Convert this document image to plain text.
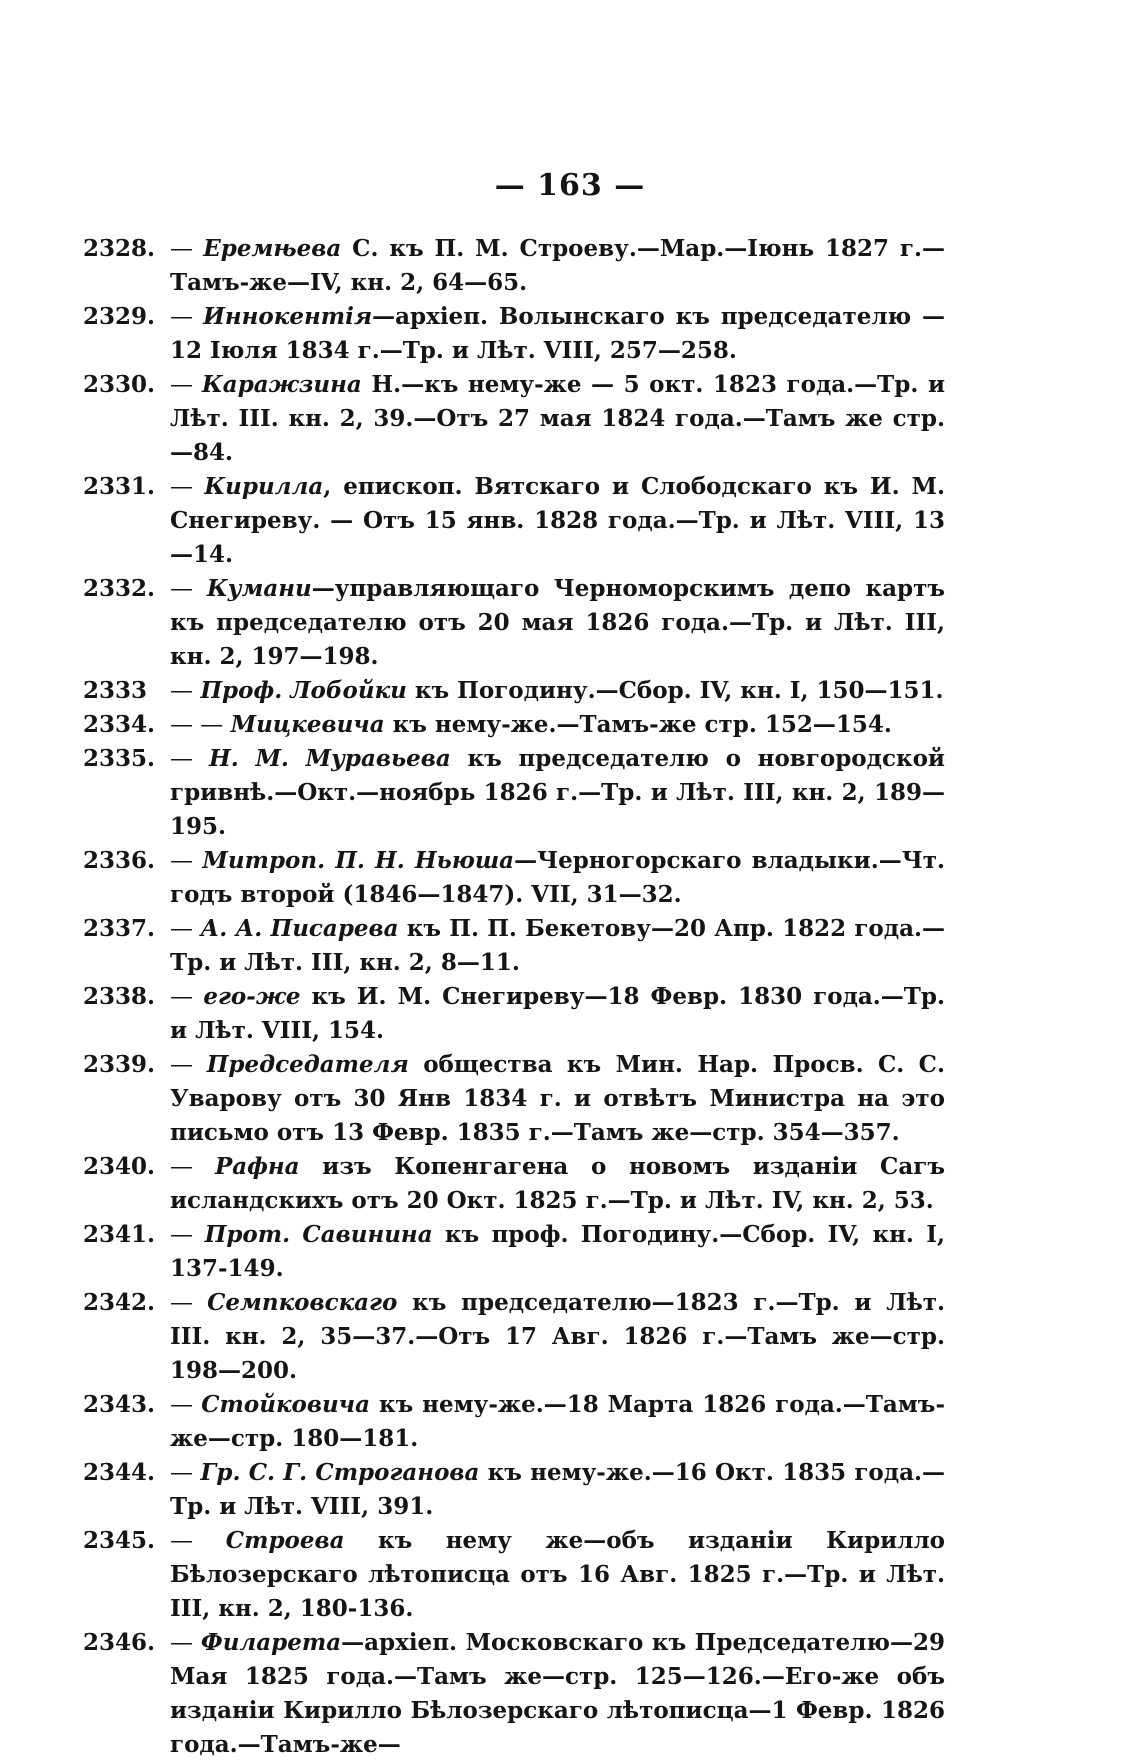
— 163 —
2328. — Еремњева С. къ П. М. Строеву.—Мар.—Іюнь 1827 г.—Тамъ-же—IV, кн. 2, 64—65.
2329. — Иннокентія—архіеп. Волынскаго къ председателю — 12 Іюля 1834 г.—Тр. и Лѣт. VIII, 257—258.
2330. — Каражзина Н.—къ нему-же — 5 окт. 1823 года.—Тр. и Лѣт. III. кн. 2, 39.—Отъ 27 мая 1824 года.—Тамъ же стр.—84.
2331. — Кирилла, епископ. Вятскаго и Слободскаго къ И. М. Снегиреву. — Отъ 15 янв. 1828 года.—Тр. и Лѣт. VIII, 13—14.
2332. — Кумани—управляющаго Черноморскимъ депо картъ къ председателю отъ 20 мая 1826 года.—Тр. и Лѣт. III, кн. 2, 197—198.
2333 — Проф. Лобойки къ Погодину.—Сбор. IV, кн. I, 150—151.
2334. — — Мицкевича къ нему-же.—Тамъ-же стр. 152—154.
2335. — Н. М. Муравьева къ председателю о новгородской гривнѣ.—Окт.—ноябрь 1826 г.—Тр. и Лѣт. III, кн. 2, 189—195.
2336. — Митроп. П. Н. Ньюша—Черногорскаго владыки.—Чт. годъ второй (1846—1847). VII, 31—32.
2337. — А. А. Писарева къ П. П. Бекетову—20 Апр. 1822 года.—Тр. и Лѣт. III, кн. 2, 8—11.
2338. — его-же къ И. М. Снегиреву—18 Февр. 1830 года.—Тр. и Лѣт. VIII, 154.
2339. — Председателя общества къ Мин. Нар. Просв. С. С. Уварову отъ 30 Янв 1834 г. и отвѣтъ Министра на это письмо отъ 13 Февр. 1835 г.—Тамъ же—стр. 354—357.
2340. — Рафна изъ Копенгагена о новомъ изданіи Сагъ исландскихъ отъ 20 Окт. 1825 г.—Тр. и Лѣт. IV, кн. 2, 53.
2341. — Прот. Савинина къ проф. Погодину.—Сбор. IV, кн. I, 137-149.
2342. — Семпковскаго къ председателю—1823 г.—Тр. и Лѣт. III. кн. 2, 35—37.—Отъ 17 Авг. 1826 г.—Тамъ же—стр. 198—200.
2343. — Стойковича къ нему-же.—18 Марта 1826 года.—Тамъ-же—стр. 180—181.
2344. — Гр. С. Г. Строганова къ нему-же.—16 Окт. 1835 года.—Тр. и Лѣт. VIII, 391.
2345. — Строева къ нему же—объ изданіи Кирилло Бѣлозерскаго лѣтописца отъ 16 Авг. 1825 г.—Тр. и Лѣт. III, кн. 2, 180-136.
2346. — Филарета—архіеп. Московскаго къ Председателю—29 Мая 1825 года.—Тамъ же—стр. 125—126.—Его-же объ изданіи Кирилло Бѣлозерскаго лѣтописца—1 Февр. 1826 года.—Тамъ-же—
